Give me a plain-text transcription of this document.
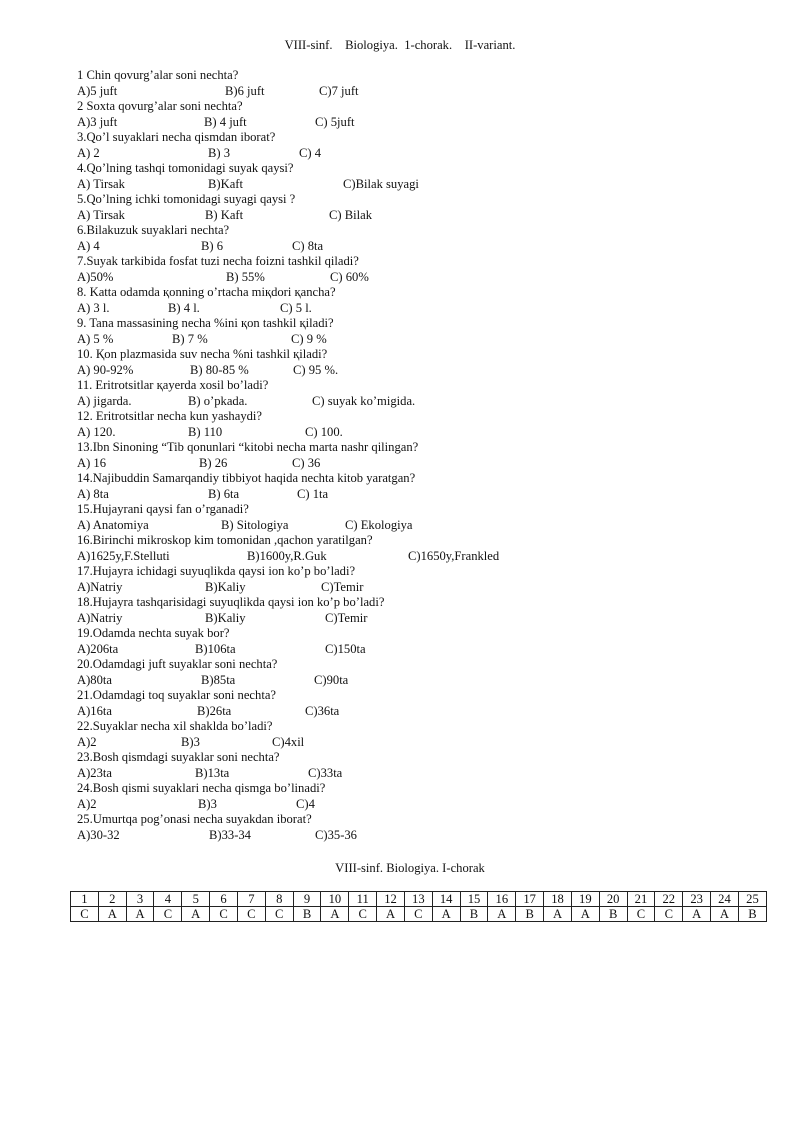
VIII-sinf.    Biologiya.  1-chorak.    II-variant.
1 Chin qovurg’alar soni nechta?
A)5 juft	B)6 juft	C)7 juft
2 Soxta qovurg’alar soni nechta?
A)3 juft	B) 4 juft	C) 5juft
3.Qo’l suyaklari necha qismdan iborat?
A) 2	B) 3	C) 4
4.Qo’lning tashqi tomonidagi suyak qaysi?
A) Tirsak	B)Kaft	C)Bilak suyagi
5.Qo’lning ichki tomonidagi suyagi qaysi ?
A) Tirsak	B) Kaft	C) Bilak
6.Bilakuzuk suyaklari nechta?
A) 4	B) 6	C) 8ta
7.Suyak tarkibida fosfat tuzi necha foizni tashkil qiladi?
A)50%	B) 55%	C) 60%
8. Katta odamda қonning o’rtacha miқdori қancha?
A) 3 l.	B) 4 l.	C) 5 l.
9. Tana massasining necha %ini қon tashkil қiladi?
A) 5 %	B) 7 %	C) 9 %
10. Қon plazmasida suv necha %ni tashkil қiladi?
A) 90-92%	B) 80-85 %	C) 95 %.
11. Eritrotsitlar қayerda xosil bo’ladi?
A) jigarda.	B) o’pkada.	C) suyak ko’migida.
12. Eritrotsitlar necha kun yashaydi?
A) 120.	B) 110	C) 100.
13.Ibn Sinoning “Tib qonunlari “kitobi necha marta nashr qilingan?
A) 16	B) 26	C) 36
14.Najibuddin Samarqandiy tibbiyot haqida nechta kitob yaratgan?
A) 8ta	B) 6ta	C) 1ta
15.Hujayrani qaysi fan o’rganadi?
A) Anatomiya	B) Sitologiya	C) Ekologiya
16.Birinchi mikroskop kim tomonidan ,qachon yaratilgan?
A)1625y,F.Stelluti	B)1600y,R.Guk	C)1650y,Frankled
17.Hujayra ichidagi suyuqlikda qaysi ion ko’p bo’ladi?
A)Natriy	B)Kaliy	C)Temir
18.Hujayra tashqarisidagi suyuqlikda qaysi ion ko’p bo’ladi?
A)Natriy	B)Kaliy	C)Temir
19.Odamda nechta suyak bor?
A)206ta	B)106ta	C)150ta
20.Odamdagi juft suyaklar soni nechta?
A)80ta	B)85ta	C)90ta
21.Odamdagi toq suyaklar soni nechta?
A)16ta	B)26ta	C)36ta
22.Suyaklar necha xil shaklda bo’ladi?
A)2	B)3	C)4xil
23.Bosh qismdagi suyaklar soni nechta?
A)23ta	B)13ta	C)33ta
24.Bosh qismi suyaklari necha qismga bo’linadi?
A)2	B)3	C)4
25.Umurtqa pog’onasi necha suyakdan iborat?
A)30-32	B)33-34	C)35-36
VIII-sinf. Biologiya. I-chorak
1	2	3	4	5	6	7	8	9	10	11	12	13	14	15	16	17	18	19	20	21	22	23	24	25
C	A	A	C	A	C	C	C	B	A	C	A	C	A	B	A	B	A	A	B	C	C	A	A	B
